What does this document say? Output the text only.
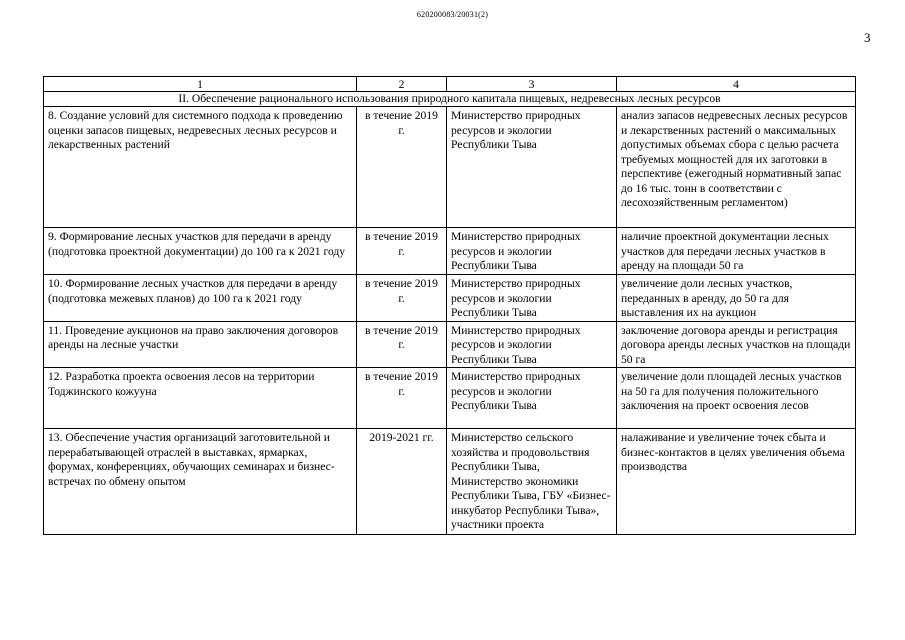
620200083/20031(2)
3
1	2	3	4
II. Обеспечение рационального использования природного капитала пищевых, недревесных лесных ресурсов			
8. Создание условий для системного подхода к проведению оценки запасов пищевых, недревесных лесных ресурсов и лекарственных растений	в течение 2019 г.	Министерство природных ресурсов и экологии Республики Тыва	анализ запасов недревесных лесных ресурсов и лекарственных растений о максимальных допустимых объемах сбора с целью расчета требуемых мощностей для их заготовки в перспективе (ежегодный нормативный запас до 16 тыс. тонн в соответствии с лесохозяйственным регламентом)
9. Формирование лесных участков для передачи в аренду (подготовка проектной документации) до 100 га к 2021 году	в течение 2019 г.	Министерство природных ресурсов и экологии Республики Тыва	наличие проектной документации лесных участков для передачи лесных участков в аренду на площади 50 га
10. Формирование лесных участков для передачи в аренду (подготовка межевых планов) до 100 га к 2021 году	в течение 2019 г.	Министерство природных ресурсов и экологии Республики Тыва	увеличение доли лесных участков, переданных в аренду, до 50 га для выставления их на аукцион
11. Проведение аукционов на право заключения договоров аренды на лесные участки	в течение 2019 г.	Министерство природных ресурсов и экологии Республики Тыва	заключение договора аренды и регистрация договора аренды лесных участков на площади 50 га
12. Разработка проекта освоения лесов на территории Тоджинского кожууна	в течение 2019 г.	Министерство природных ресурсов и экологии Республики Тыва	увеличение доли площадей лесных участков на 50 га для получения положительного заключения на проект освоения лесов
13. Обеспечение участия организаций заготовительной и перерабатывающей отраслей в выставках, ярмарках, форумах, конференциях, обучающих семинарах и бизнес-встречах по обмену опытом	2019-2021 гг.	Министерство сельского хозяйства и продовольствия Республики Тыва, Министерство экономики Республики Тыва, ГБУ «Бизнес-инкубатор Республики Тыва», участники проекта	налаживание и увеличение точек сбыта и бизнес-контактов в целях увеличения объема производства
